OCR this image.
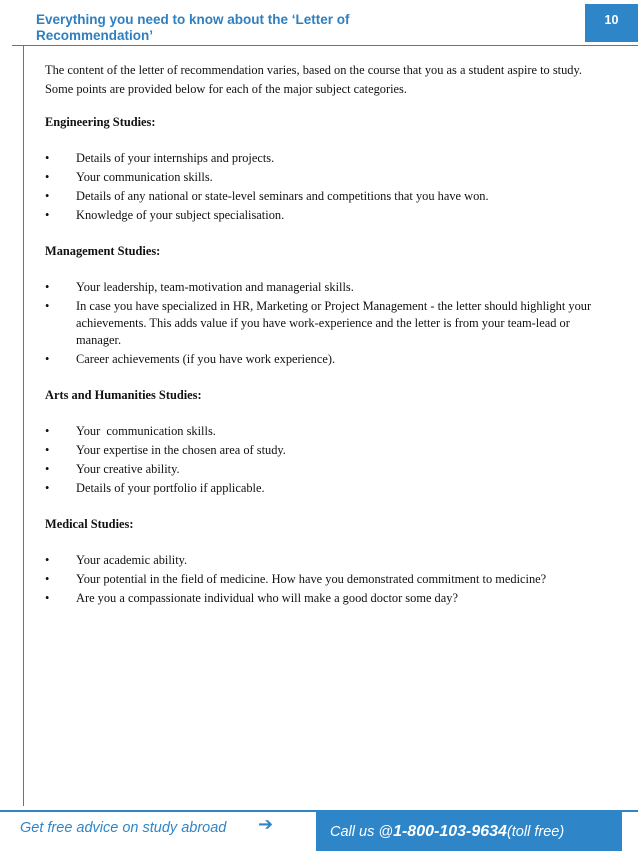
Everything you need to know about the ‘Letter of Recommendation’
10

The content of the letter of recommendation varies, based on the course that you as a student aspire to study. Some points are provided below for each of the major subject categories.

Engineering Studies:
• Details of your internships and projects.
• Your communication skills.
• Details of any national or state-level seminars and competitions that you have won.
• Knowledge of your subject specialisation.
Management Studies:
• Your leadership, team-motivation and managerial skills.
• In case you have specialized in HR, Marketing or Project Management - the letter should highlight your achievements. This adds value if you have work-experience and the letter is from your team-lead or manager.
• Career achievements (if you have work experience).
Arts and Humanities Studies:
• Your  communication skills.
• Your expertise in the chosen area of study.
• Your creative ability.
• Details of your portfolio if applicable.
Medical Studies:
• Your academic ability.
• Your potential in the field of medicine. How have you demonstrated commitment to medicine?
• Are you a compassionate individual who will make a good doctor some day?
Get free advice on study abroad ➔	Call us @ 1-800-103-9634 (toll free)
